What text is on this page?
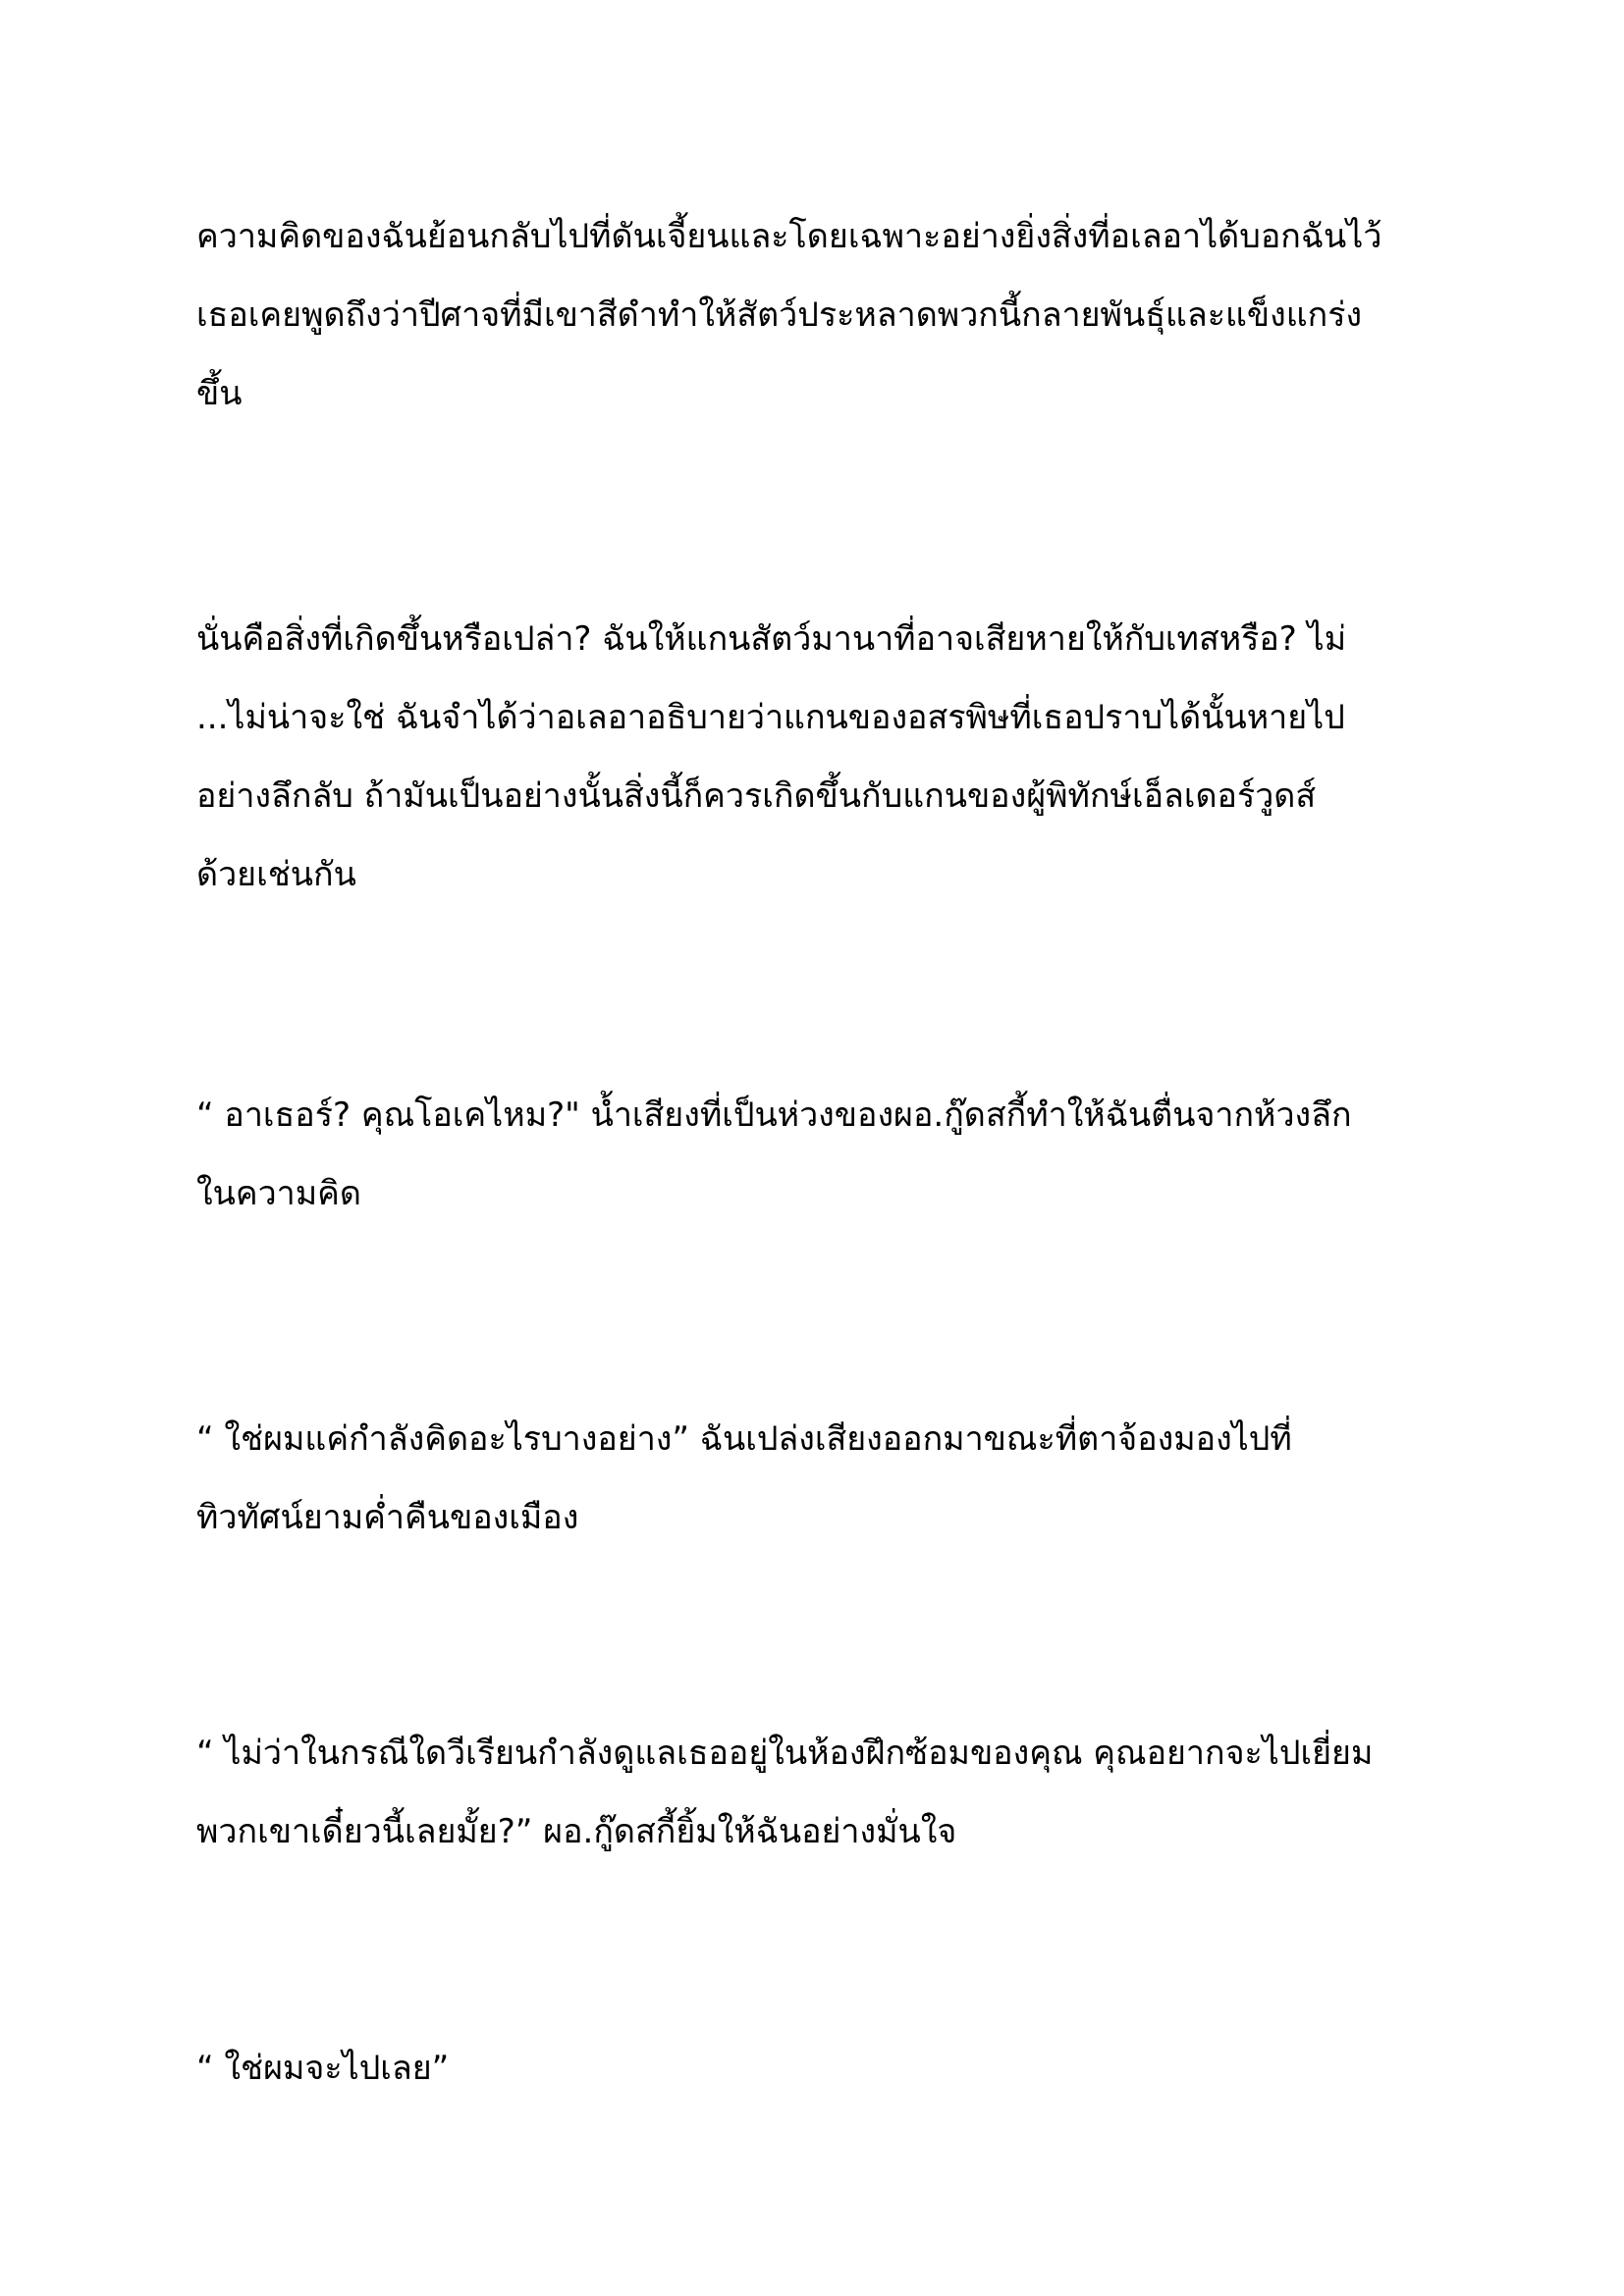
ความคิดของฉันย้อนกลับไปที่ดันเจี้ยนและโดยเฉพาะอย่างยิ่งสิ่งที่อเลอาได้บอกฉันไว้
เธอเคยพูดถึงว่าปีศาจที่มีเขาสีดำทำให้สัตว์ประหลาดพวกนี้กลายพันธุ์และแข็งแกร่ง
ขึ้น
นั่นคือสิ่งที่เกิดขึ้นหรือเปล่า? ฉันให้แกนสัตว์มานาที่อาจเสียหายให้กับเทสหรือ? ไม่
...ไม่น่าจะใช่ ฉันจำได้ว่าอเลอาอธิบายว่าแกนของอสรพิษที่เธอปราบได้นั้นหายไป
อย่างลึกลับ ถ้ามันเป็นอย่างนั้นสิ่งนี้ก็ควรเกิดขึ้นกับแกนของผู้พิทักษ์เอ็ลเดอร์วูดส์
ด้วยเช่นกัน
“ อาเธอร์? คุณโอเคไหม?" น้ำเสียงที่เป็นห่วงของผอ.กู๊ดสกี้ทำให้ฉันตื่นจากห้วงลึก
ในความคิด
“ ใช่ผมแค่กำลังคิดอะไรบางอย่าง” ฉันเปล่งเสียงออกมาขณะที่ตาจ้องมองไปที่
ทิวทัศน์ยามค่ำคืนของเมือง
“ ไม่ว่าในกรณีใดวีเรียนกำลังดูแลเธออยู่ในห้องฝึกซ้อมของคุณ คุณอยากจะไปเยี่ยม
พวกเขาเดี๋ยวนี้เลยมั้ย?” ผอ.กู๊ดสกี้ยิ้มให้ฉันอย่างมั่นใจ
“ ใช่ผมจะไปเลย”
